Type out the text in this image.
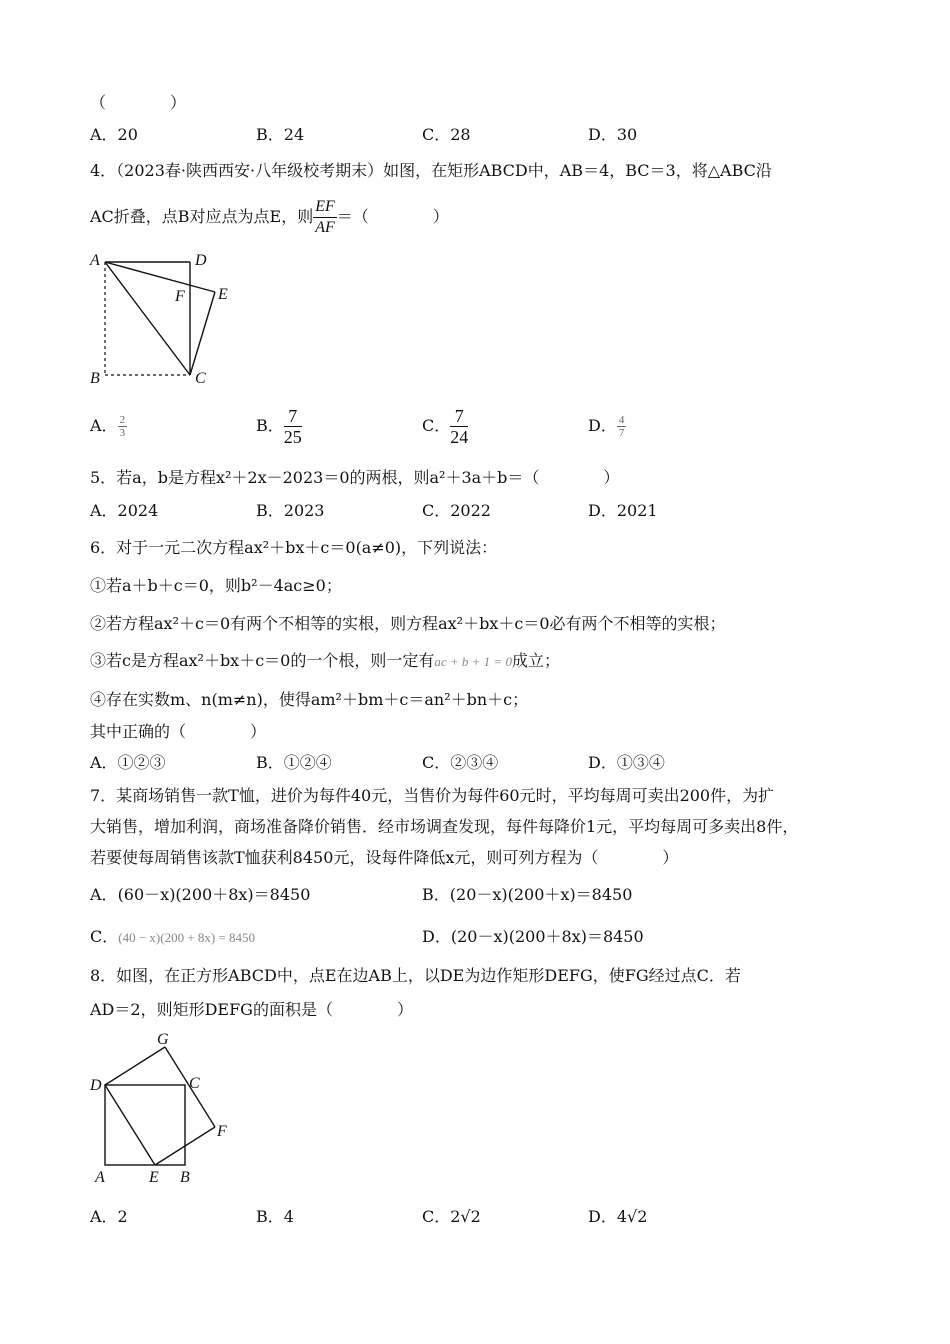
（　　　　）
A．20	B．24	C．28	D．30
4．（2023春·陕西西安·八年级校考期末）如图，在矩形ABCD中，AB＝4，BC＝3，将△ABC沿
AC折叠，点B对应点为点E，则 $\frac{EF}{AF}$ ＝（　　　　）
A	D
F E
B	C
A． $\frac{2}{3}$	B． $\frac{7}{25}$	C． $\frac{7}{24}$	D． $\frac{4}{7}$
5．若a，b是方程x²＋2x－2023＝0的两根，则a²＋3a＋b＝（　　　　）
A．2024	B．2023	C．2022	D．2021
6．对于一元二次方程ax²＋bx＋c＝0(a≠0)，下列说法：
①若a＋b＋c＝0，则b²－4ac≥0；
②若方程ax²＋c＝0有两个不相等的实根，则方程ax²＋bx＋c＝0必有两个不相等的实根；
③若c是方程ax²＋bx＋c＝0的一个根，则一定有ac + b + 1 = 0成立；
④存在实数m、n(m≠n)，使得am²＋bm＋c＝an²＋bn＋c；
其中正确的（　　　　）
A．①②③	B．①②④	C．②③④	D．①③④
7．某商场销售一款T恤，进价为每件40元，当售价为每件60元时，平均每周可卖出200件，为扩
大销售，增加利润，商场准备降价销售．经市场调查发现，每件每降价1元，平均每周可多卖出8件，
若要使每周销售该款T恤获利8450元，设每件降低x元，则可列方程为（　　　　）
A．(60－x)(200＋8x)＝8450	B．(20－x)(200＋x)＝8450
C．(40 − x)(200 + 8x) = 8450	D．(20－x)(200＋8x)＝8450
8．如图，在正方形ABCD中，点E在边AB上，以DE为边作矩形DEFG，使FG经过点C．若
AD＝2，则矩形DEFG的面积是（　　　　）
G
D	C
F
A	E B
A．2	B．4	C．2√2	D．4√2
